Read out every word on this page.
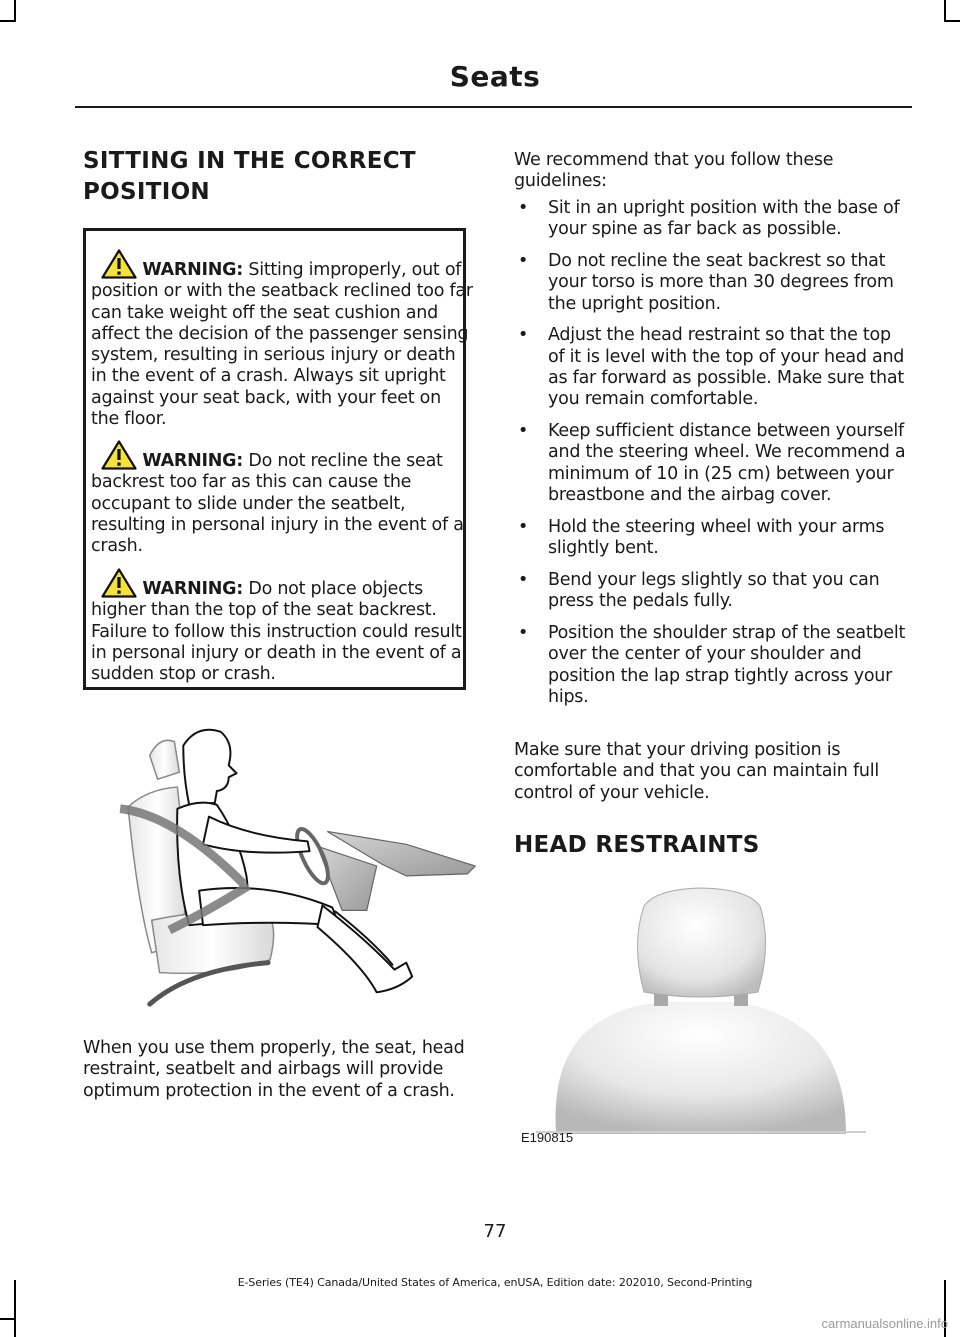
Seats
SITTING IN THE CORRECT
POSITION

WARNING: Sitting improperly, out of position or with the seatback reclined too far can take weight off the seat cushion and affect the decision of the passenger sensing system, resulting in serious injury or death in the event of a crash. Always sit upright against your seat back, with your feet on the floor.

WARNING: Do not recline the seat backrest too far as this can cause the occupant to slide under the seatbelt, resulting in personal injury in the event of a crash.

WARNING: Do not place objects higher than the top of the seat backrest. Failure to follow this instruction could result in personal injury or death in the event of a sudden stop or crash.

When you use them properly, the seat, head restraint, seatbelt and airbags will provide optimum protection in the event of a crash.

We recommend that you follow these guidelines:

• Sit in an upright position with the base of your spine as far back as possible.
• Do not recline the seat backrest so that your torso is more than 30 degrees from the upright position.
• Adjust the head restraint so that the top of it is level with the top of your head and as far forward as possible. Make sure that you remain comfortable.
• Keep sufficient distance between yourself and the steering wheel. We recommend a minimum of 10 in (25 cm) between your breastbone and the airbag cover.
• Hold the steering wheel with your arms slightly bent.
• Bend your legs slightly so that you can press the pedals fully.
• Position the shoulder strap of the seatbelt over the center of your shoulder and position the lap strap tightly across your hips.

Make sure that your driving position is comfortable and that you can maintain full control of your vehicle.

HEAD RESTRAINTS
E190815
77
E-Series (TE4) Canada/United States of America, enUSA, Edition date: 202010, Second-Printing
carmanualsonline.info
